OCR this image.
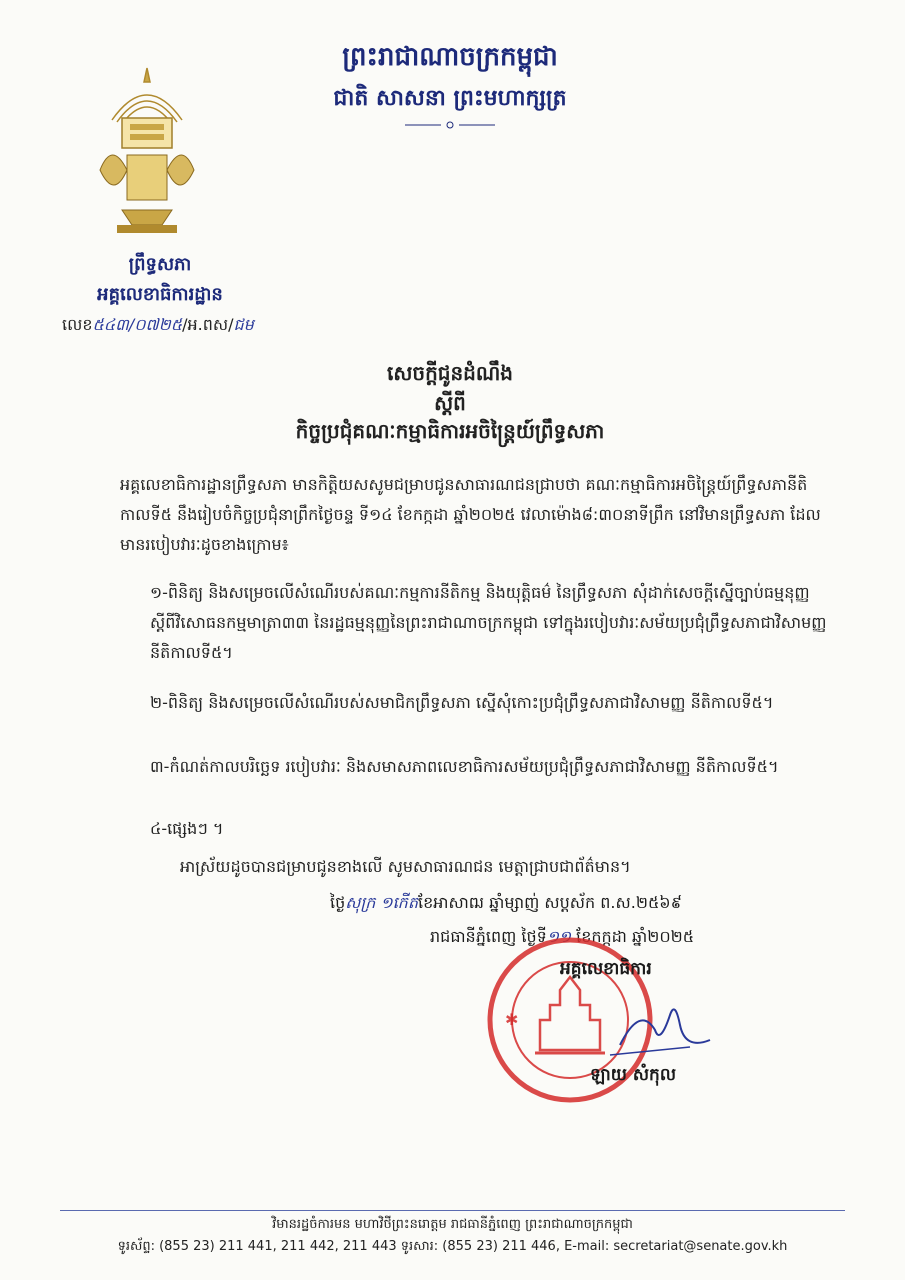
ព្រះរាជាណាចក្រកម្ពុជា
ជាតិ សាសនា ព្រះមហាក្សត្រ
ព្រឹទ្ធសភា
អគ្គលេខាធិការដ្ឋាន
លេខ៥៤៣/០៧២៥/អ.ពស/ជម
សេចក្តីជូនដំណឹង
ស្តីពី
កិច្ចប្រជុំគណៈកម្មាធិការអចិន្ត្រៃយ៍ព្រឹទ្ធសភា
អគ្គលេខាធិការដ្ឋានព្រឹទ្ធសភា មានកិត្តិយសសូមជម្រាបជូនសាធារណជនជ្រាបថា គណៈកម្មាធិការអចិន្ត្រៃយ៍ព្រឹទ្ធសភានីតិកាលទី៥ នឹងរៀបចំកិច្ចប្រជុំនាព្រឹកថ្ងៃចន្ទ ទី១៤ ខែកក្កដា ឆ្នាំ២០២៥ វេលាម៉ោង៨:៣០នាទីព្រឹក នៅវិមានព្រឹទ្ធសភា ដែលមានរបៀបវារៈដូចខាងក្រោម៖
១-ពិនិត្យ និងសម្រេចលើសំណើរបស់គណៈកម្មការនីតិកម្ម និងយុត្តិធម៌ នៃព្រឹទ្ធសភា សុំដាក់សេចក្តីស្នើច្បាប់ធម្មនុញ្ញ ស្តីពីវិសោធនកម្មមាត្រា៣៣ នៃរដ្ឋធម្មនុញ្ញនៃព្រះរាជាណាចក្រកម្ពុជា ទៅក្នុងរបៀបវារៈសម័យប្រជុំព្រឹទ្ធសភាជាវិសាមញ្ញ នីតិកាលទី៥។
២-ពិនិត្យ និងសម្រេចលើសំណើរបស់សមាជិកព្រឹទ្ធសភា ស្នើសុំកោះប្រជុំព្រឹទ្ធសភាជាវិសាមញ្ញ នីតិកាលទី៥។
៣-កំណត់កាលបរិច្ឆេទ របៀបវារៈ និងសមាសភាពលេខាធិការសម័យប្រជុំព្រឹទ្ធសភាជាវិសាមញ្ញ នីតិកាលទី៥។
៤-ផ្សេងៗ ។
អាស្រ័យដូចបានជម្រាបជូនខាងលើ សូមសាធារណជន មេត្តាជ្រាបជាព័ត៌មាន។
ថ្ងៃសុក្រ ១កើតខែអាសាឍ ឆ្នាំម្សាញ់ សប្តស័ក ព.ស.២៥៦៩
រាជធានីភ្នំពេញ ថ្ងៃទី១១ ខែកក្កដា ឆ្នាំ២០២៥
✱
អគ្គលេខាធិការ
ឡាយ សំកុល
វិមានរដ្ឋចំការមន មហាវិថីព្រះនរោត្តម រាជធានីភ្នំពេញ ព្រះរាជាណាចក្រកម្ពុជា
ទូរស័ព្ទ: (855 23) 211 441, 211 442, 211 443 ទូរសារ: (855 23) 211 446, E-mail: secretariat@senate.gov.kh
